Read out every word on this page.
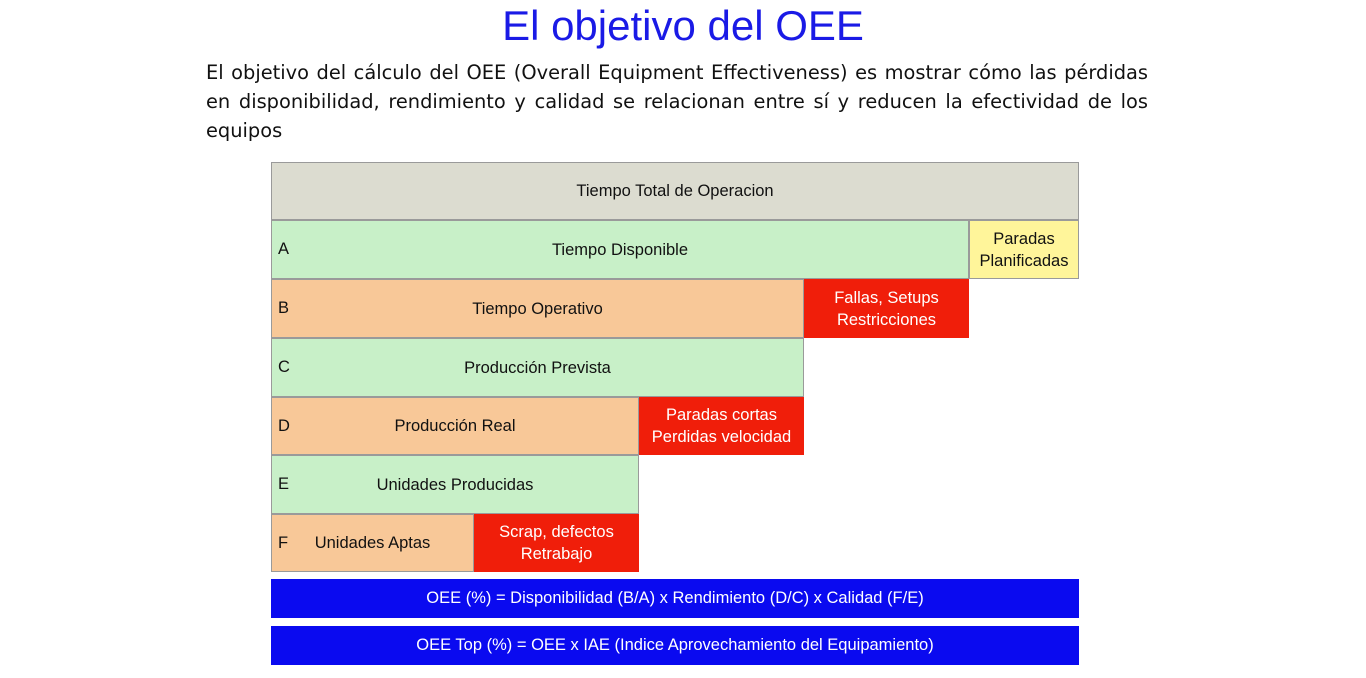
El objetivo del OEE

El objetivo del cálculo del OEE (Overall Equipment Effectiveness) es mostrar cómo las pérdidas en disponibilidad, rendimiento y calidad se relacionan entre sí y reducen la efectividad de los equipos

Tiempo Total de Operacion
Tiempo Disponible
A
Paradas
Planificadas
Tiempo Operativo
B
Fallas, Setups
Restricciones
Producción Prevista
C
Producción Real
D
Paradas cortas
Perdidas velocidad
Unidades Producidas
E
Unidades Aptas
F
Scrap, defectos
Retrabajo
OEE (%) = Disponibilidad (B/A) x Rendimiento (D/C) x Calidad (F/E)
OEE Top (%) = OEE x IAE (Indice Aprovechamiento del Equipamiento)
